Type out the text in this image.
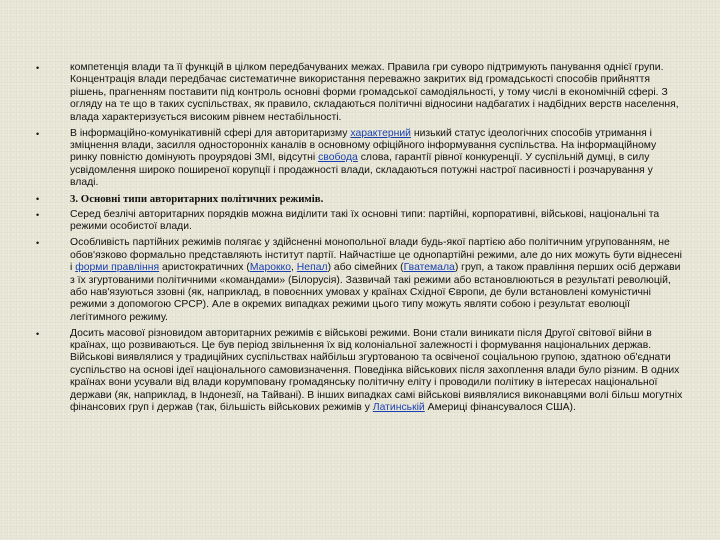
•	компетенція влади та її функцій в цілком передбачуваних межах. Правила гри суворо підтримують панування однієї групи. Концентрація влади передбачає систематичне використання переважно закритих від громадськості способів прийняття рішень, прагненням поставити під контроль основні форми громадської самодіяльності, у тому числі в економічній сфері. З огляду на те що в таких суспільствах, як правило, складаються політичні відносини надбагатих і надбідних верств населення, влада характеризується високим рівнем нестабільності.
•	В інформаційно-комунікативній сфері для авторитаризму характерний низький статус ідеологічних способів утримання і зміцнення влади, засилля односторонніх каналів в основному офіційного інформування суспільства. На інформаційному ринку повністю домінують проурядові ЗМІ, відсутні свобода слова, гарантії рівної конкуренції. У суспільній думці, в силу усвідомлення широко поширеної корупції і продажності влади, складаються потужні настрої пасивності і розчарування у владі.
•	3. Основні типи авторитарних політичних режимів.
•	Серед безлічі авторитарних порядків можна виділити такі їх основні типи: партійні, корпоративні, військові, національні та режими особистої влади.
•	Особливість партійних режимів полягає у здійсненні монопольної влади будь-якої партією або політичним угрупованням, не обов'язково формально представляють інститут партії. Найчастіше це однопартійні режими, але до них можуть бути віднесені і форми правління аристократичних (Марокко, Непал) або сімейних (Гватемала) груп, а також правління перших осіб держави з їх згуртованими політичними «командами» (Білорусія). Зазвичай такі режими або встановлюються в результаті революцій, або нав'язуються ззовні (як, наприклад, в повоєнних умовах у країнах Східної Європи, де були встановлені комуністичні режими з допомогою СРСР). Але в окремих випадках режими цього типу можуть являти собою і результат еволюції легітимного режиму.
•	Досить масової різновидом авторитарних режимів є військові режими. Вони стали виникати після Другої світової війни в країнах, що розвиваються. Це був період звільнення їх від колоніальної залежності і формування національних держав. Військові виявлялися у традиційних суспільствах найбільш згуртованою та освіченої соціальною групою, здатною об'єднати суспільство на основі ідеї національного самовизначення. Поведінка військових після захоплення влади було різним. В одних країнах вони усували від влади корумповану громадянську політичну еліту і проводили політику в інтересах національної держави (як, наприклад, в Індонезії, на Тайвані). В інших випадках самі військові виявлялися виконавцями волі більш могутніх фінансових груп і держав (так, більшість військових режимів у Латинській Америці фінансувалося США).
